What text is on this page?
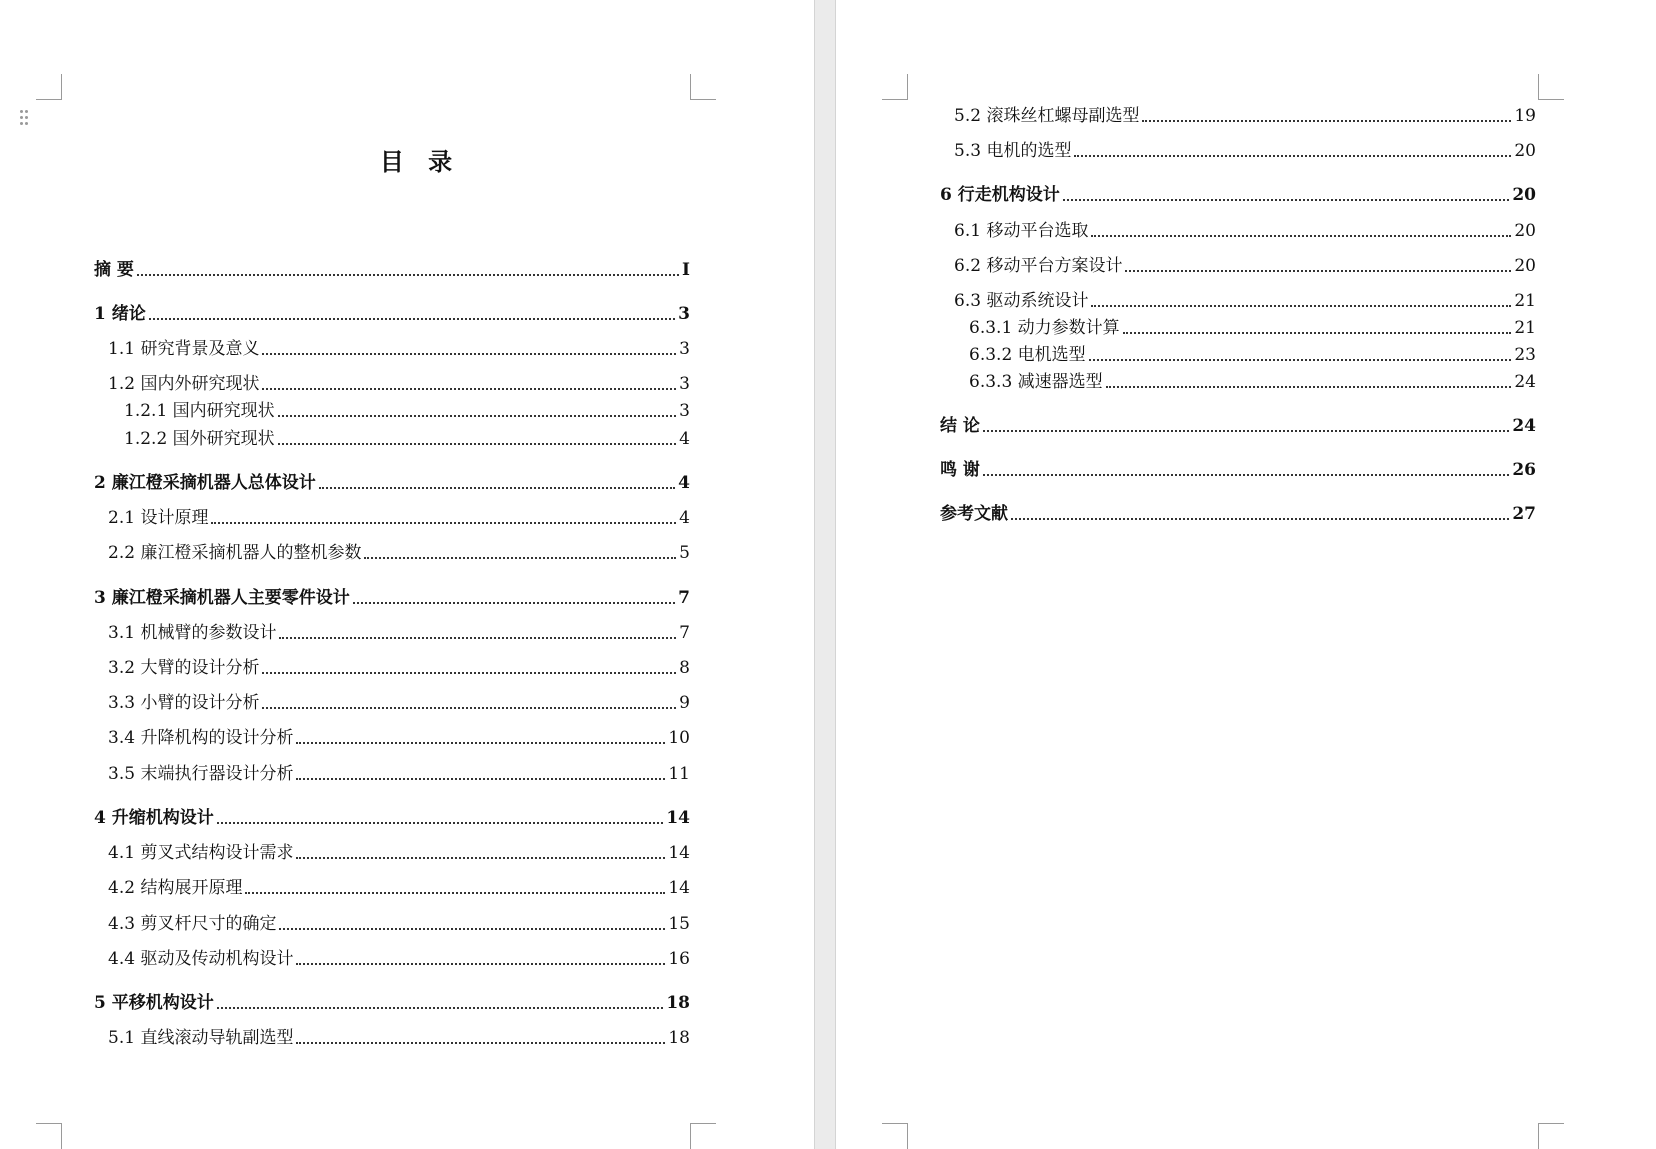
目 录
摘 要	I
1 绪论	3
1.1 研究背景及意义	3
1.2 国内外研究现状	3
1.2.1 国内研究现状	3
1.2.2 国外研究现状	4
2 廉江橙采摘机器人总体设计	4
2.1 设计原理	4
2.2 廉江橙采摘机器人的整机参数	5
3 廉江橙采摘机器人主要零件设计	7
3.1 机械臂的参数设计	7
3.2 大臂的设计分析	8
3.3 小臂的设计分析	9
3.4 升降机构的设计分析	10
3.5 末端执行器设计分析	11
4 升缩机构设计	14
4.1 剪叉式结构设计需求	14
4.2 结构展开原理	14
4.3 剪叉杆尺寸的确定	15
4.4 驱动及传动机构设计	16
5 平移机构设计	18
5.1 直线滚动导轨副选型	18
5.2 滚珠丝杠螺母副选型	19
5.3 电机的选型	20
6 行走机构设计	20
6.1 移动平台选取	20
6.2 移动平台方案设计	20
6.3 驱动系统设计	21
6.3.1 动力参数计算	21
6.3.2 电机选型	23
6.3.3 减速器选型	24
结 论	24
鸣 谢	26
参考文献	27
